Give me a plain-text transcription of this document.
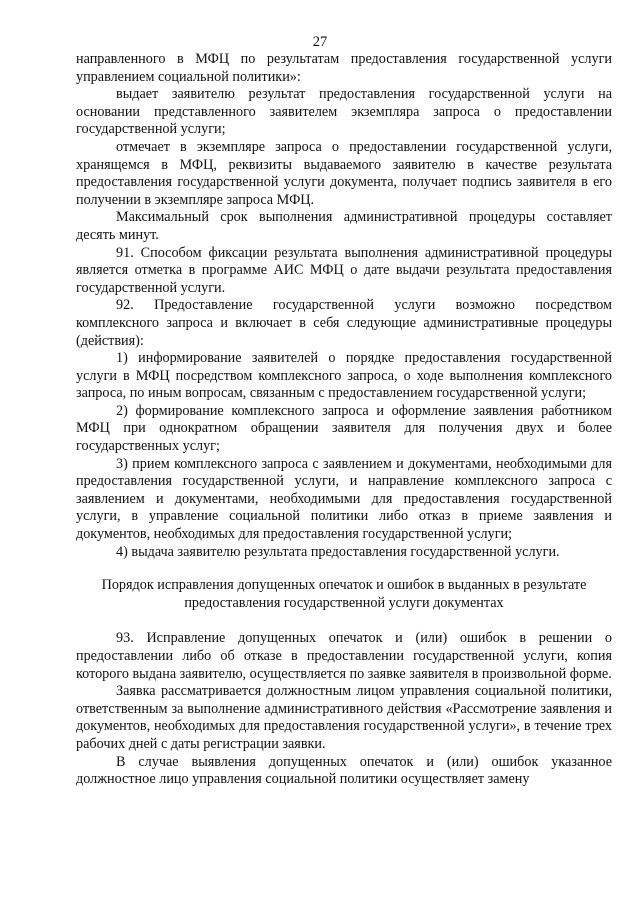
27

направленного в МФЦ по результатам предоставления государственной услуги управлением социальной политики»:

выдает заявителю результат предоставления государственной услуги на основании представленного заявителем экземпляра запроса о предоставлении государственной услуги;

отмечает в экземпляре запроса о предоставлении государственной услуги, хранящемся в МФЦ, реквизиты выдаваемого заявителю в качестве результата предоставления государственной услуги документа, получает подпись заявителя в его получении в экземпляре запроса МФЦ.

Максимальный срок выполнения административной процедуры составляет десять минут.

91. Способом фиксации результата выполнения административной процедуры является отметка в программе АИС МФЦ о дате выдачи результата предоставления государственной услуги.

92. Предоставление государственной услуги возможно посредством комплексного запроса и включает в себя следующие административные процедуры (действия):

1) информирование заявителей о порядке предоставления государственной услуги в МФЦ посредством комплексного запроса, о ходе выполнения комплексного запроса, по иным вопросам, связанным с предоставлением государственной услуги;

2) формирование комплексного запроса и оформление заявления работником МФЦ при однократном обращении заявителя для получения двух и более государственных услуг;

3) прием комплексного запроса с заявлением и документами, необходимыми для предоставления государственной услуги, и направление комплексного запроса с заявлением и документами, необходимыми для предоставления государственной услуги, в управление социальной политики либо отказ в приеме заявления и документов, необходимых для предоставления государственной услуги;

4) выдача заявителю результата предоставления государственной услуги.

Порядок исправления допущенных опечаток и ошибок в выданных в результате
предоставления государственной услуги документах

93. Исправление допущенных опечаток и (или) ошибок в решении о предоставлении либо об отказе в предоставлении государственной услуги, копия которого выдана заявителю, осуществляется по заявке заявителя в произвольной форме.

Заявка рассматривается должностным лицом управления социальной политики, ответственным за выполнение административного действия «Рассмотрение заявления и документов, необходимых для предоставления государственной услуги», в течение трех рабочих дней с даты регистрации заявки.

В случае выявления допущенных опечаток и (или) ошибок указанное должностное лицо управления социальной политики осуществляет замену
